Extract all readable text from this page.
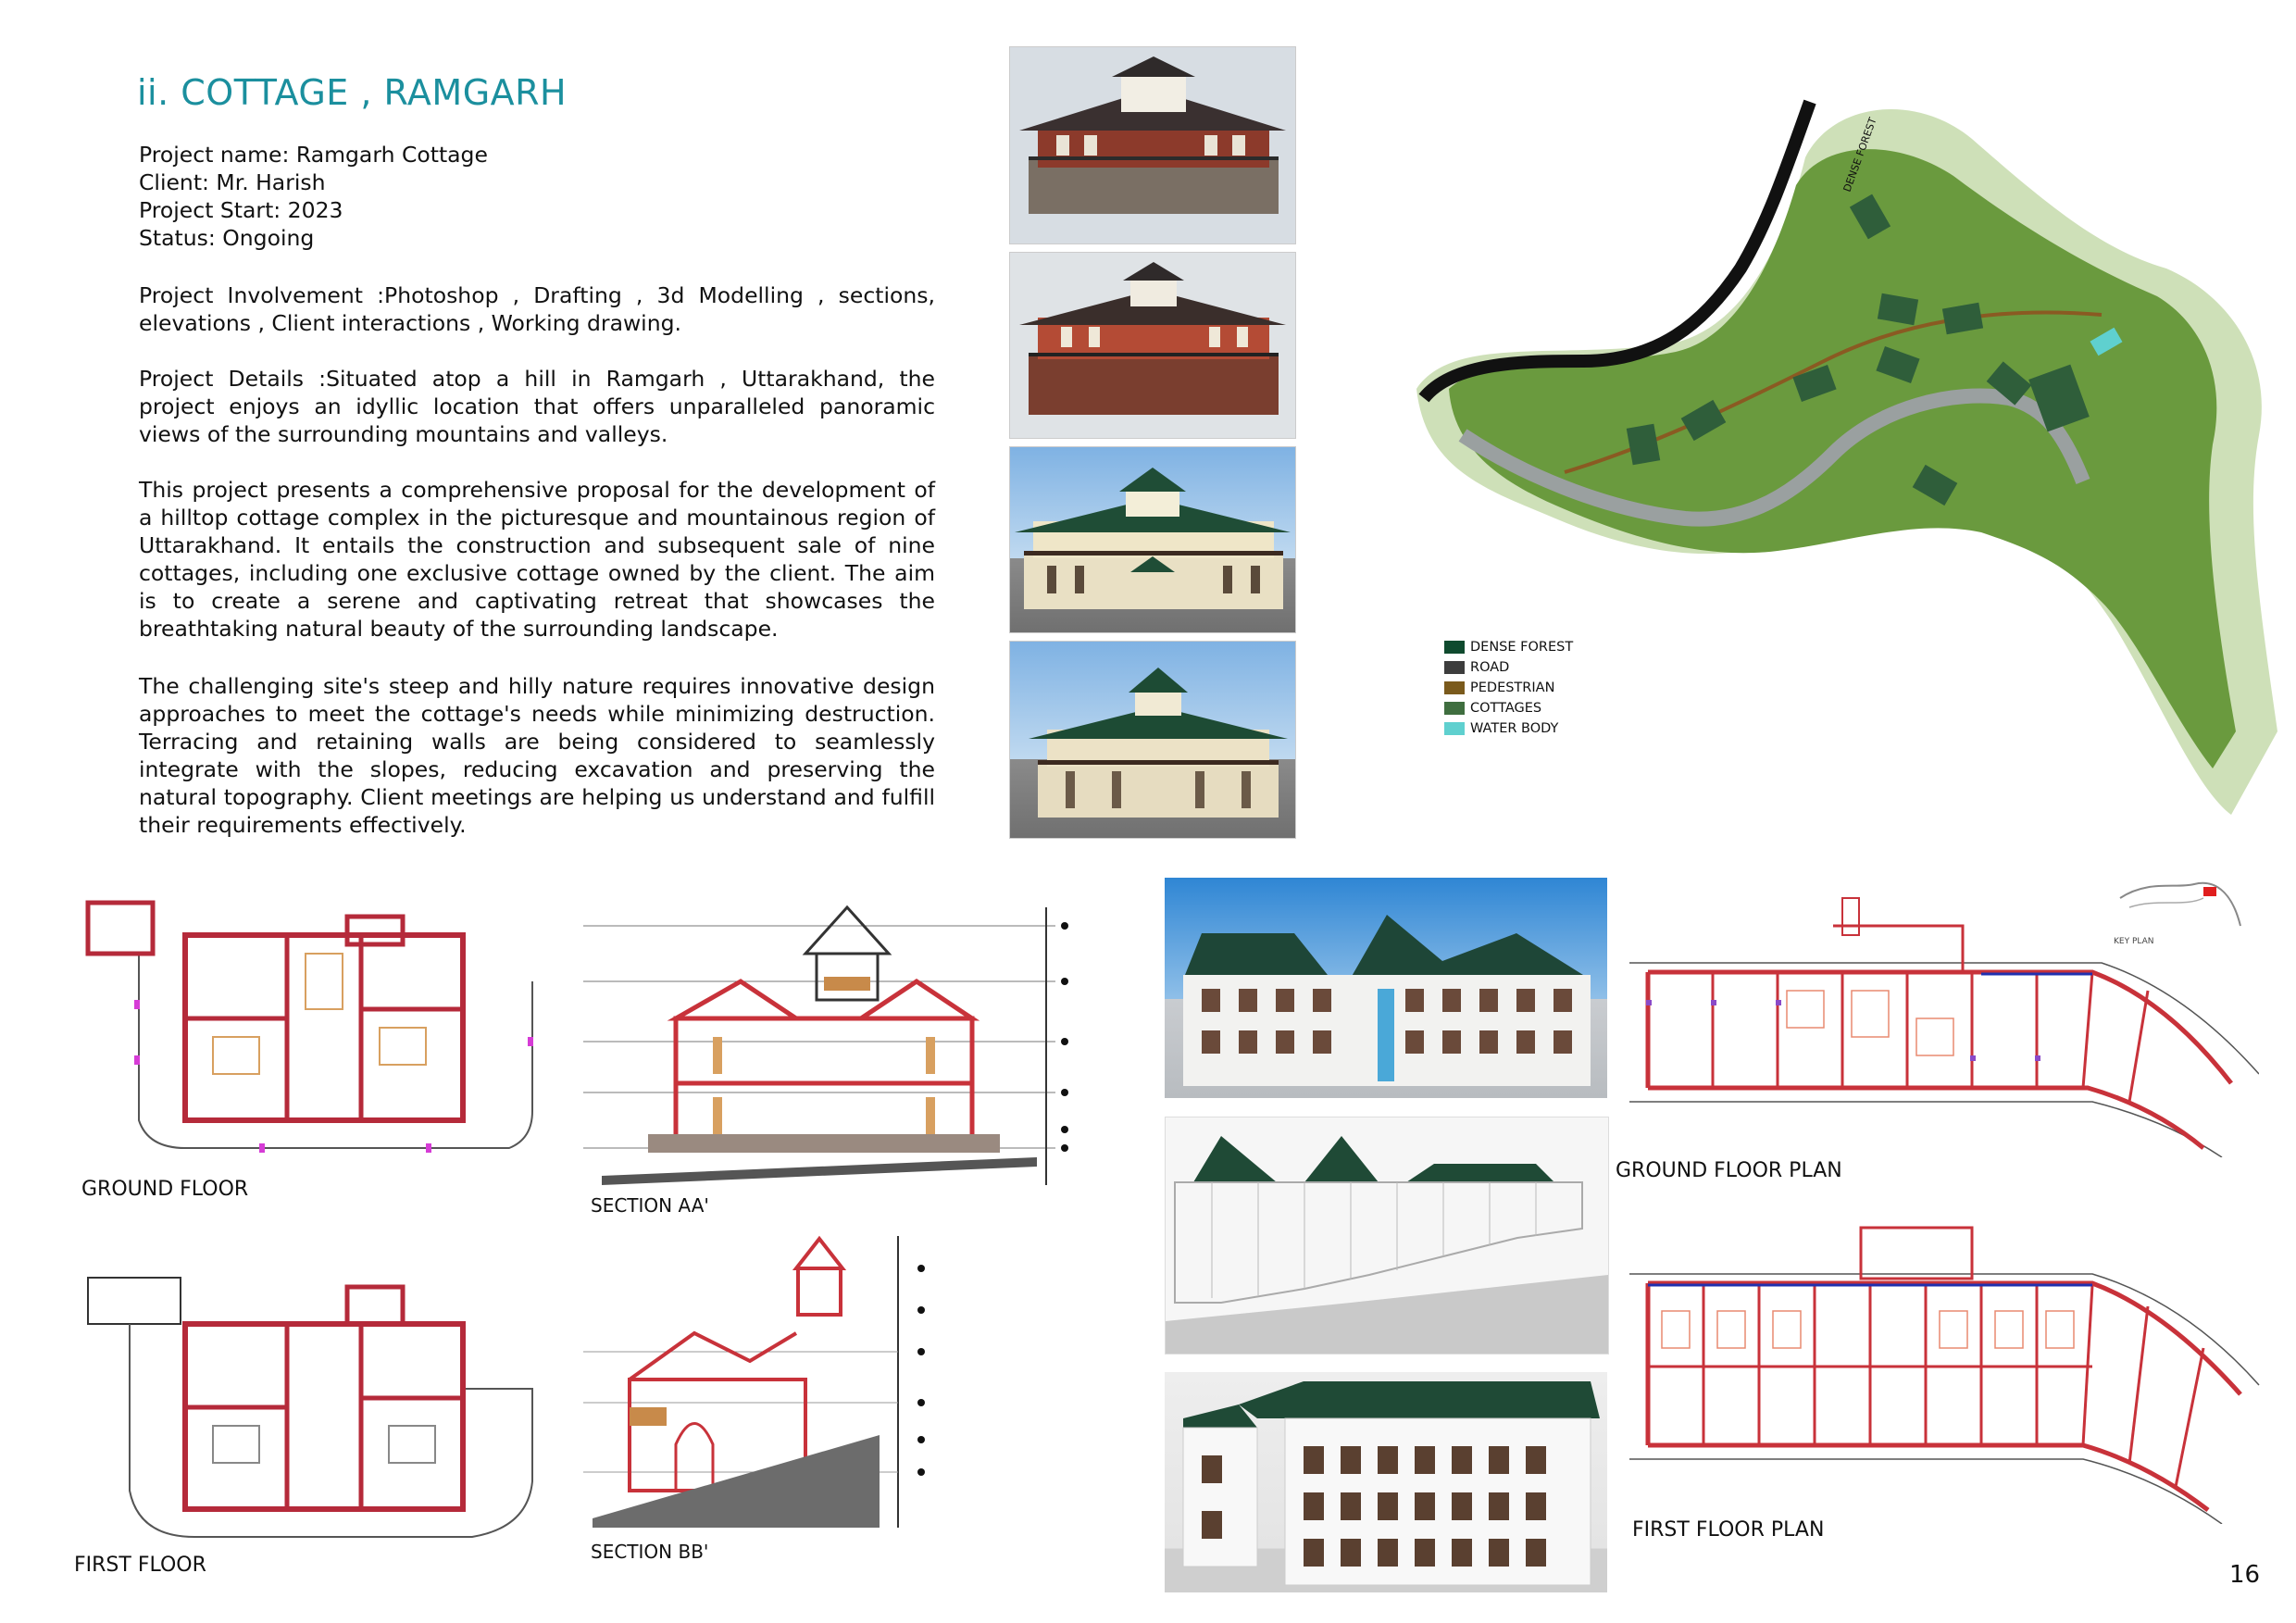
ii. COTTAGE , RAMGARH
Project name: Ramgarh Cottage
Client: Mr. Harish
Project Start: 2023
Status: Ongoing
Project Involvement :Photoshop , Drafting , 3d Modelling , sections, elevations , Client interactions , Working drawing.
Project Details :Situated atop a hill in Ramgarh , Uttarakhand, the project enjoys an idyllic location that offers unparalleled panoramic views of the surrounding mountains and valleys.
This project presents a comprehensive proposal for the development of a hilltop cottage complex in the picturesque and mountainous region of Uttarakhand. It entails the construction and subsequent sale of nine cottages, including one exclusive cottage owned by the client. The aim is to create a serene and captivating retreat that showcases the breathtaking natural beauty of the surrounding landscape.
The challenging site's steep and hilly nature requires innovative design approaches to meet the cottage's needs while minimizing destruction. Terracing and retaining walls are being considered to seamlessly integrate with the slopes, reducing excavation and preserving the natural topography. Client meetings are helping us understand and fulfill their requirements effectively.
DENSE FOREST
DENSE FOREST
ROAD
PEDESTRIAN
COTTAGES
WATER BODY
GROUND FLOOR
SECTION AA'
FIRST FLOOR
SECTION BB'
KEY PLAN
GROUND FLOOR PLAN
FIRST FLOOR PLAN
16
